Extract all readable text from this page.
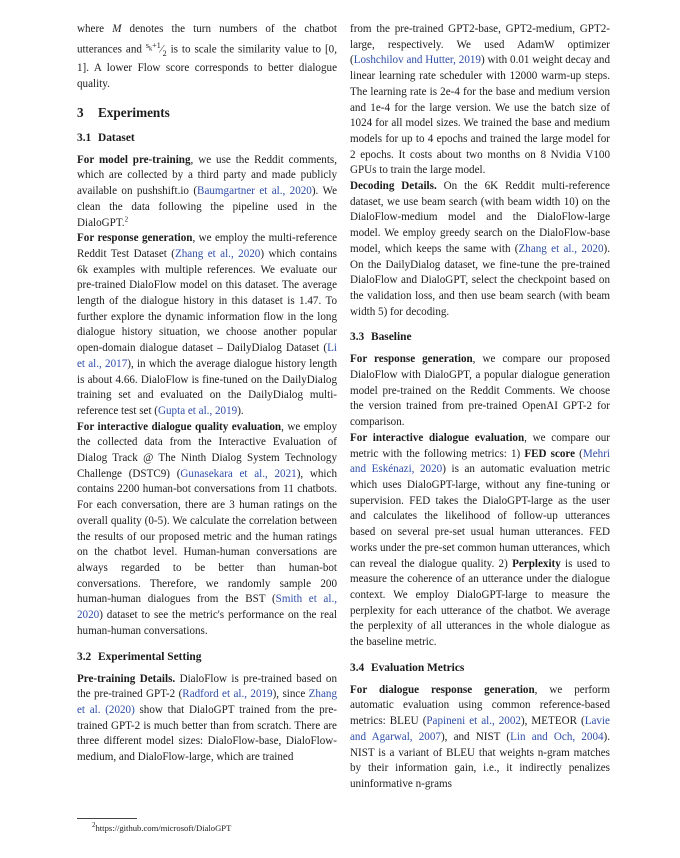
where M denotes the turn numbers of the chatbot utterances and $^{s_k+1}⁄_2$ is to scale the similarity value to [0, 1]. A lower Flow score corresponds to better dialogue quality.

3 Experiments
3.1 Dataset

For model pre-training, we use the Reddit comments, which are collected by a third party and made publicly available on pushshift.io (Baumgartner et al., 2020). We clean the data following the pipeline used in the DialoGPT.$^2$

For response generation, we employ the multi-reference Reddit Test Dataset (Zhang et al., 2020) which contains 6k examples with multiple references. We evaluate our pre-trained DialoFlow model on this dataset. The average length of the dialogue history in this dataset is 1.47. To further explore the dynamic information flow in the long dialogue history situation, we choose another popular open-domain dialogue dataset – DailyDialog Dataset (Li et al., 2017), in which the average dialogue history length is about 4.66. DialoFlow is fine-tuned on the DailyDialog training set and evaluated on the DailyDialog multi-reference test set (Gupta et al., 2019).

For interactive dialogue quality evaluation, we employ the collected data from the Interactive Evaluation of Dialog Track @ The Ninth Dialog System Technology Challenge (DSTC9) (Gunasekara et al., 2021), which contains 2200 human-bot conversations from 11 chatbots. For each conversation, there are 3 human ratings on the overall quality (0-5). We calculate the correlation between the results of our proposed metric and the human ratings on the chatbot level. Human-human conversations are always regarded to be better than human-bot conversations. Therefore, we randomly sample 200 human-human dialogues from the BST (Smith et al., 2020) dataset to see the metric's performance on the real human-human conversations.

3.2 Experimental Setting

Pre-training Details. DialoFlow is pre-trained based on the pre-trained GPT-2 (Radford et al., 2019), since Zhang et al. (2020) show that DialoGPT trained from the pre-trained GPT-2 is much better than from scratch. There are three different model sizes: DialoFlow-base, DialoFlow-medium, and DialoFlow-large, which are trained

from the pre-trained GPT2-base, GPT2-medium, GPT2-large, respectively. We used AdamW optimizer (Loshchilov and Hutter, 2019) with 0.01 weight decay and linear learning rate scheduler with 12000 warm-up steps. The learning rate is 2e-4 for the base and medium version and 1e-4 for the large version. We use the batch size of 1024 for all model sizes. We trained the base and medium models for up to 4 epochs and trained the large model for 2 epochs. It costs about two months on 8 Nvidia V100 GPUs to train the large model.

Decoding Details. On the 6K Reddit multi-reference dataset, we use beam search (with beam width 10) on the DialoFlow-medium model and the DialoFlow-large model. We employ greedy search on the DialoFlow-base model, which keeps the same with (Zhang et al., 2020). On the DailyDialog dataset, we fine-tune the pre-trained DialoFlow and DialoGPT, select the checkpoint based on the validation loss, and then use beam search (with beam width 5) for decoding.

3.3 Baseline

For response generation, we compare our proposed DialoFlow with DialoGPT, a popular dialogue generation model pre-trained on the Reddit Comments. We choose the version trained from pre-trained OpenAI GPT-2 for comparison.

For interactive dialogue evaluation, we compare our metric with the following metrics: 1) FED score (Mehri and Eskénazi, 2020) is an automatic evaluation metric which uses DialoGPT-large, without any fine-tuning or supervision. FED takes the DialoGPT-large as the user and calculates the likelihood of follow-up utterances based on several pre-set usual human utterances. FED works under the pre-set common human utterances, which can reveal the dialogue quality. 2) Perplexity is used to measure the coherence of an utterance under the dialogue context. We employ DialoGPT-large to measure the perplexity for each utterance of the chatbot. We average the perplexity of all utterances in the whole dialogue as the baseline metric.

3.4 Evaluation Metrics

For dialogue response generation, we perform automatic evaluation using common reference-based metrics: BLEU (Papineni et al., 2002), METEOR (Lavie and Agarwal, 2007), and NIST (Lin and Och, 2004). NIST is a variant of BLEU that weights n-gram matches by their information gain, i.e., it indirectly penalizes uninformative n-grams

$^2$https://github.com/microsoft/DialoGPT
